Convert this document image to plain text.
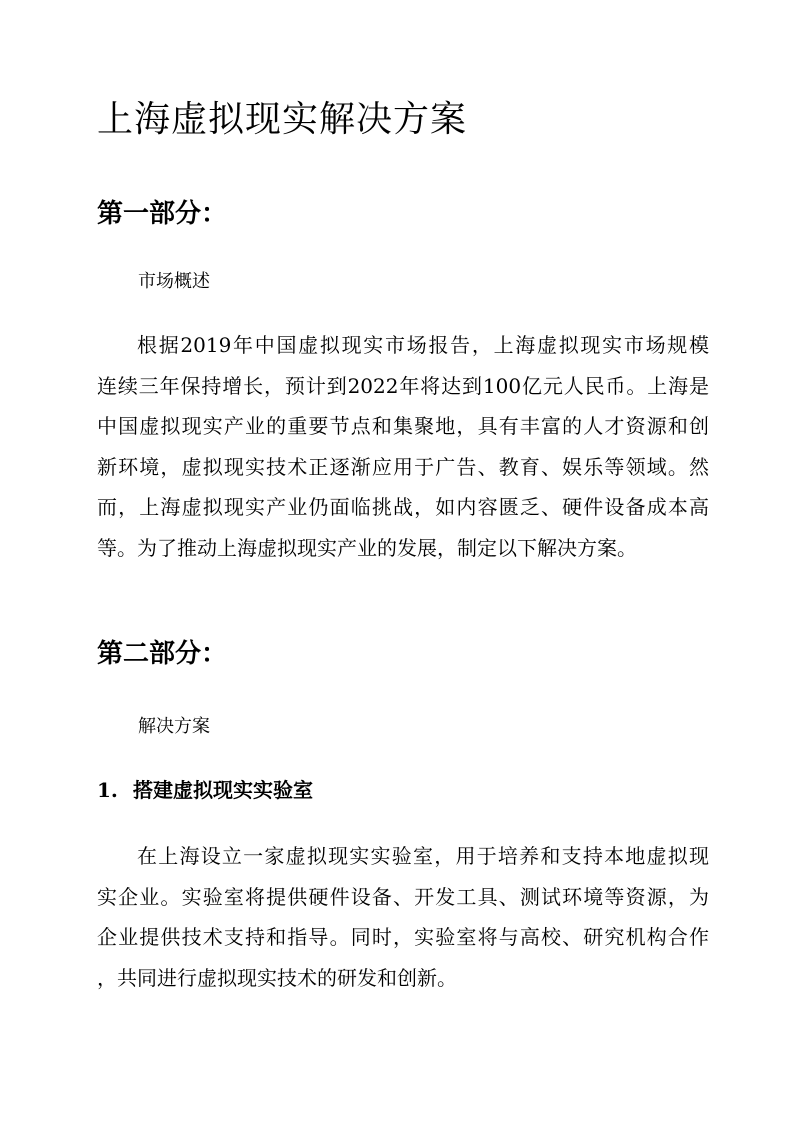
上海虚拟现实解决方案
第一部分：

市场概述

根据2019年中国虚拟现实市场报告，上海虚拟现实市场规模
连续三年保持增长，预计到2022年将达到100亿元人民币。上海是
中国虚拟现实产业的重要节点和集聚地，具有丰富的人才资源和创
新环境，虚拟现实技术正逐渐应用于广告、教育、娱乐等领域。然
而，上海虚拟现实产业仍面临挑战，如内容匮乏、硬件设备成本高
等。为了推动上海虚拟现实产业的发展，制定以下解决方案。
第二部分：

解决方案

1. 搭建虚拟现实实验室
在上海设立一家虚拟现实实验室，用于培养和支持本地虚拟现
实企业。实验室将提供硬件设备、开发工具、测试环境等资源，为
企业提供技术支持和指导。同时，实验室将与高校、研究机构合作
，共同进行虚拟现实技术的研发和创新。
